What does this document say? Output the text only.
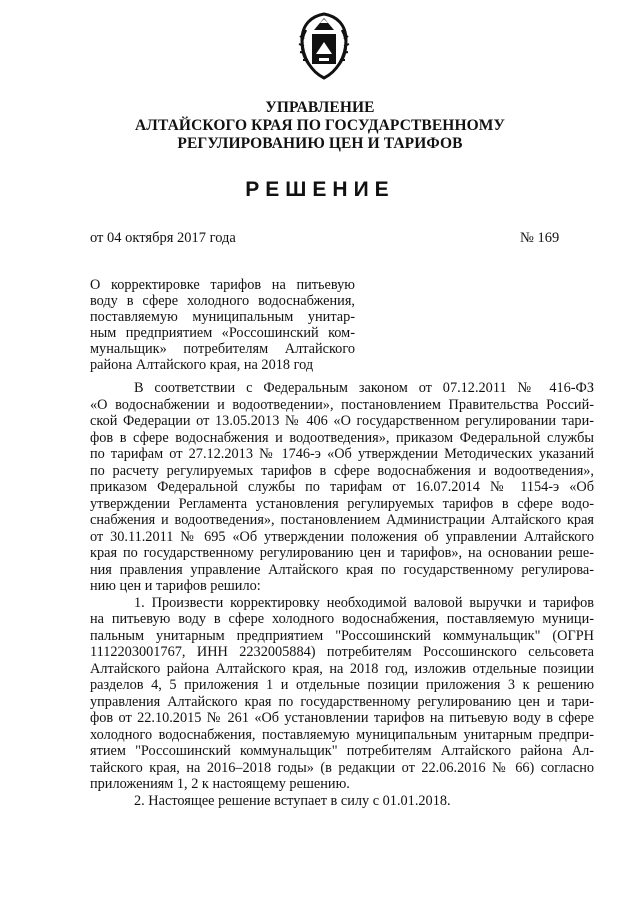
УПРАВЛЕНИЕ
АЛТАЙСКОГО КРАЯ ПО ГОСУДАРСТВЕННОМУ
РЕГУЛИРОВАНИЮ ЦЕН И ТАРИФОВ
РЕШЕНИЕ
от 04 октября 2017 года	№ 169
О корректировке тарифов на питьевую
воду в сфере холодного водоснабжения,
поставляемую муниципальным унитар-
ным предприятием «Россошинский ком-
мунальщик» потребителям Алтайского
района Алтайского края, на 2018 год
В соответствии с Федеральным законом от 07.12.2011 № 416-ФЗ
«О водоснабжении и водоотведении», постановлением Правительства Россий-
ской Федерации от 13.05.2013 № 406 «О государственном регулировании тари-
фов в сфере водоснабжения и водоотведения», приказом Федеральной службы
по тарифам от 27.12.2013 № 1746-э «Об утверждении Методических указаний
по расчету регулируемых тарифов в сфере водоснабжения и водоотведения»,
приказом Федеральной службы по тарифам от 16.07.2014 № 1154-э «Об
утверждении Регламента установления регулируемых тарифов в сфере водо-
снабжения и водоотведения», постановлением Администрации Алтайского края
от 30.11.2011 № 695 «Об утверждении положения об управлении Алтайского
края по государственному регулированию цен и тарифов», на основании реше-
ния правления управление Алтайского края по государственному регулирова-
нию цен и тарифов решило:
1. Произвести корректировку необходимой валовой выручки и тарифов
на питьевую воду в сфере холодного водоснабжения, поставляемую муници-
пальным унитарным предприятием "Россошинский коммунальщик" (ОГРН
1112203001767, ИНН 2232005884) потребителям Россошинского сельсовета
Алтайского района Алтайского края, на 2018 год, изложив отдельные позиции
разделов 4, 5 приложения 1 и отдельные позиции приложения 3 к решению
управления Алтайского края по государственному регулированию цен и тари-
фов от 22.10.2015 № 261 «Об установлении тарифов на питьевую воду в сфере
холодного водоснабжения, поставляемую муниципальным унитарным предпри-
ятием "Россошинский коммунальщик" потребителям Алтайского района Ал-
тайского края, на 2016–2018 годы» (в редакции от 22.06.2016 № 66) согласно
приложениям 1, 2 к настоящему решению.
2. Настоящее решение вступает в силу с 01.01.2018.
